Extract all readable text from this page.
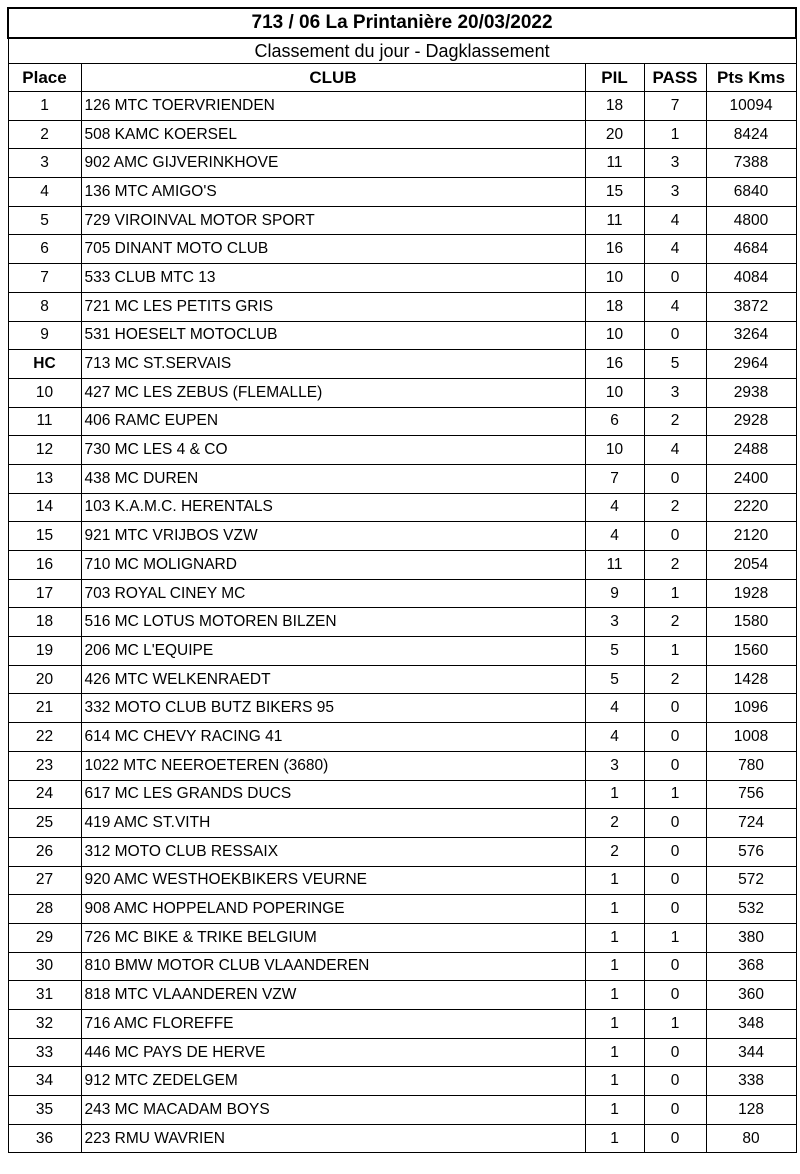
713 / 06 La Printanière 20/03/2022				
Classement du jour - Dagklassement				
Place	CLUB	PIL	PASS	Pts Kms
1	126 MTC TOERVRIENDEN	18	7	10094
2	508 KAMC KOERSEL	20	1	8424
3	902 AMC GIJVERINKHOVE	11	3	7388
4	136 MTC AMIGO'S	15	3	6840
5	729 VIROINVAL MOTOR SPORT	11	4	4800
6	705 DINANT MOTO CLUB	16	4	4684
7	533 CLUB MTC 13	10	0	4084
8	721 MC LES PETITS GRIS	18	4	3872
9	531 HOESELT MOTOCLUB	10	0	3264
HC	713 MC ST.SERVAIS	16	5	2964
10	427 MC LES ZEBUS (FLEMALLE)	10	3	2938
11	406 RAMC EUPEN	6	2	2928
12	730 MC LES 4 & CO	10	4	2488
13	438 MC DUREN	7	0	2400
14	103 K.A.M.C. HERENTALS	4	2	2220
15	921 MTC VRIJBOS VZW	4	0	2120
16	710 MC MOLIGNARD	11	2	2054
17	703 ROYAL CINEY MC	9	1	1928
18	516 MC LOTUS MOTOREN BILZEN	3	2	1580
19	206 MC L'EQUIPE	5	1	1560
20	426 MTC WELKENRAEDT	5	2	1428
21	332 MOTO CLUB BUTZ BIKERS 95	4	0	1096
22	614 MC CHEVY RACING 41	4	0	1008
23	1022 MTC NEEROETEREN (3680)	3	0	780
24	617 MC LES GRANDS DUCS	1	1	756
25	419 AMC ST.VITH	2	0	724
26	312 MOTO CLUB RESSAIX	2	0	576
27	920 AMC WESTHOEKBIKERS VEURNE	1	0	572
28	908 AMC HOPPELAND POPERINGE	1	0	532
29	726 MC BIKE & TRIKE BELGIUM	1	1	380
30	810 BMW MOTOR CLUB VLAANDEREN	1	0	368
31	818 MTC VLAANDEREN VZW	1	0	360
32	716 AMC FLOREFFE	1	1	348
33	446 MC PAYS DE HERVE	1	0	344
34	912 MTC ZEDELGEM	1	0	338
35	243 MC MACADAM BOYS	1	0	128
36	223 RMU WAVRIEN	1	0	80
